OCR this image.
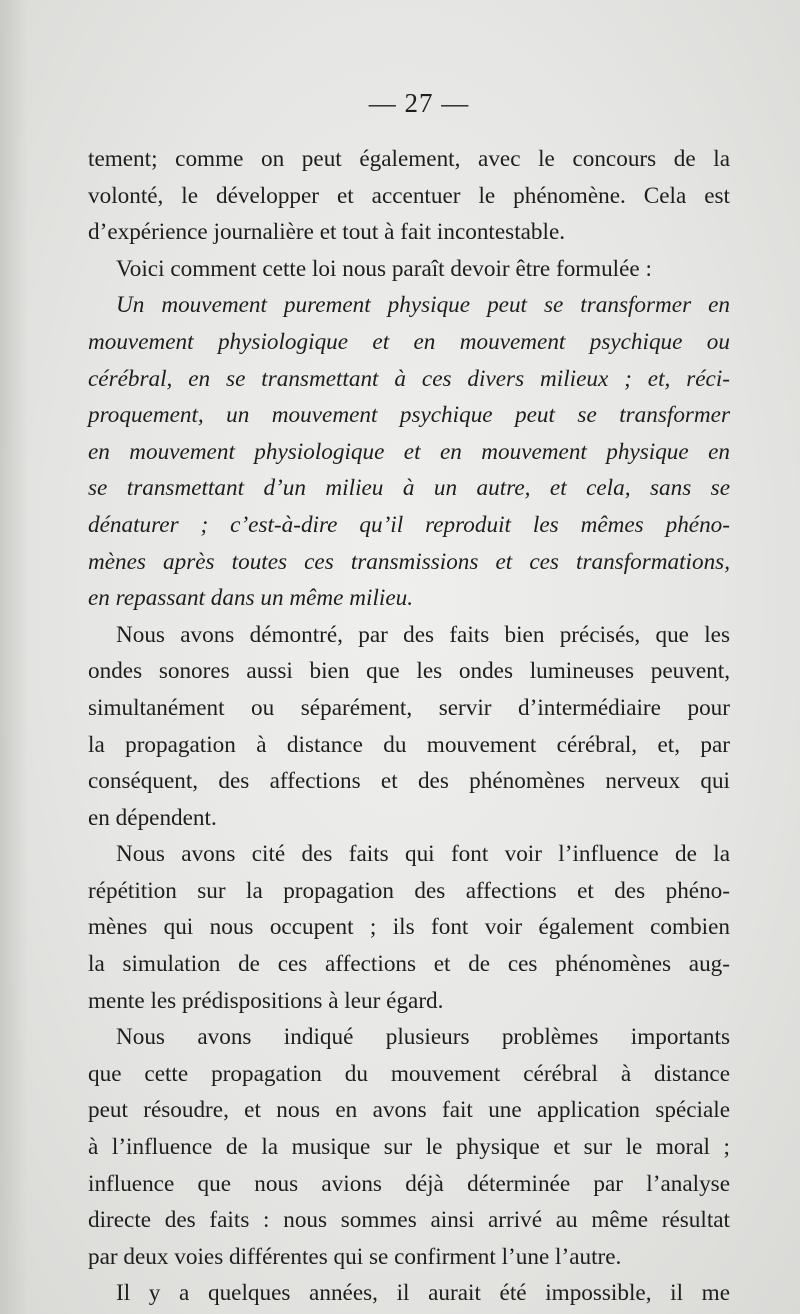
— 27 —
tement; comme on peut également, avec le concours de la
volonté, le développer et accentuer le phénomène. Cela est
d’expérience journalière et tout à fait incontestable.
Voici comment cette loi nous paraît devoir être formulée :
Un mouvement purement physique peut se transformer en
mouvement physiologique et en mouvement psychique ou
cérébral, en se transmettant à ces divers milieux ; et, réci-
proquement, un mouvement psychique peut se transformer
en mouvement physiologique et en mouvement physique en
se transmettant d’un milieu à un autre, et cela, sans se
dénaturer ; c’est-à-dire qu’il reproduit les mêmes phéno-
mènes après toutes ces transmissions et ces transformations,
en repassant dans un même milieu.
Nous avons démontré, par des faits bien précisés, que les
ondes sonores aussi bien que les ondes lumineuses peuvent,
simultanément ou séparément, servir d’intermédiaire pour
la propagation à distance du mouvement cérébral, et, par
conséquent, des affections et des phénomènes nerveux qui
en dépendent.
Nous avons cité des faits qui font voir l’influence de la
répétition sur la propagation des affections et des phéno-
mènes qui nous occupent ; ils font voir également combien
la simulation de ces affections et de ces phénomènes aug-
mente les prédispositions à leur égard.
Nous avons indiqué plusieurs problèmes importants
que cette propagation du mouvement cérébral à distance
peut résoudre, et nous en avons fait une application spéciale
à l’influence de la musique sur le physique et sur le moral ;
influence que nous avions déjà déterminée par l’analyse
directe des faits : nous sommes ainsi arrivé au même résultat
par deux voies différentes qui se confirment l’une l’autre.
Il y a quelques années, il aurait été impossible, il me
